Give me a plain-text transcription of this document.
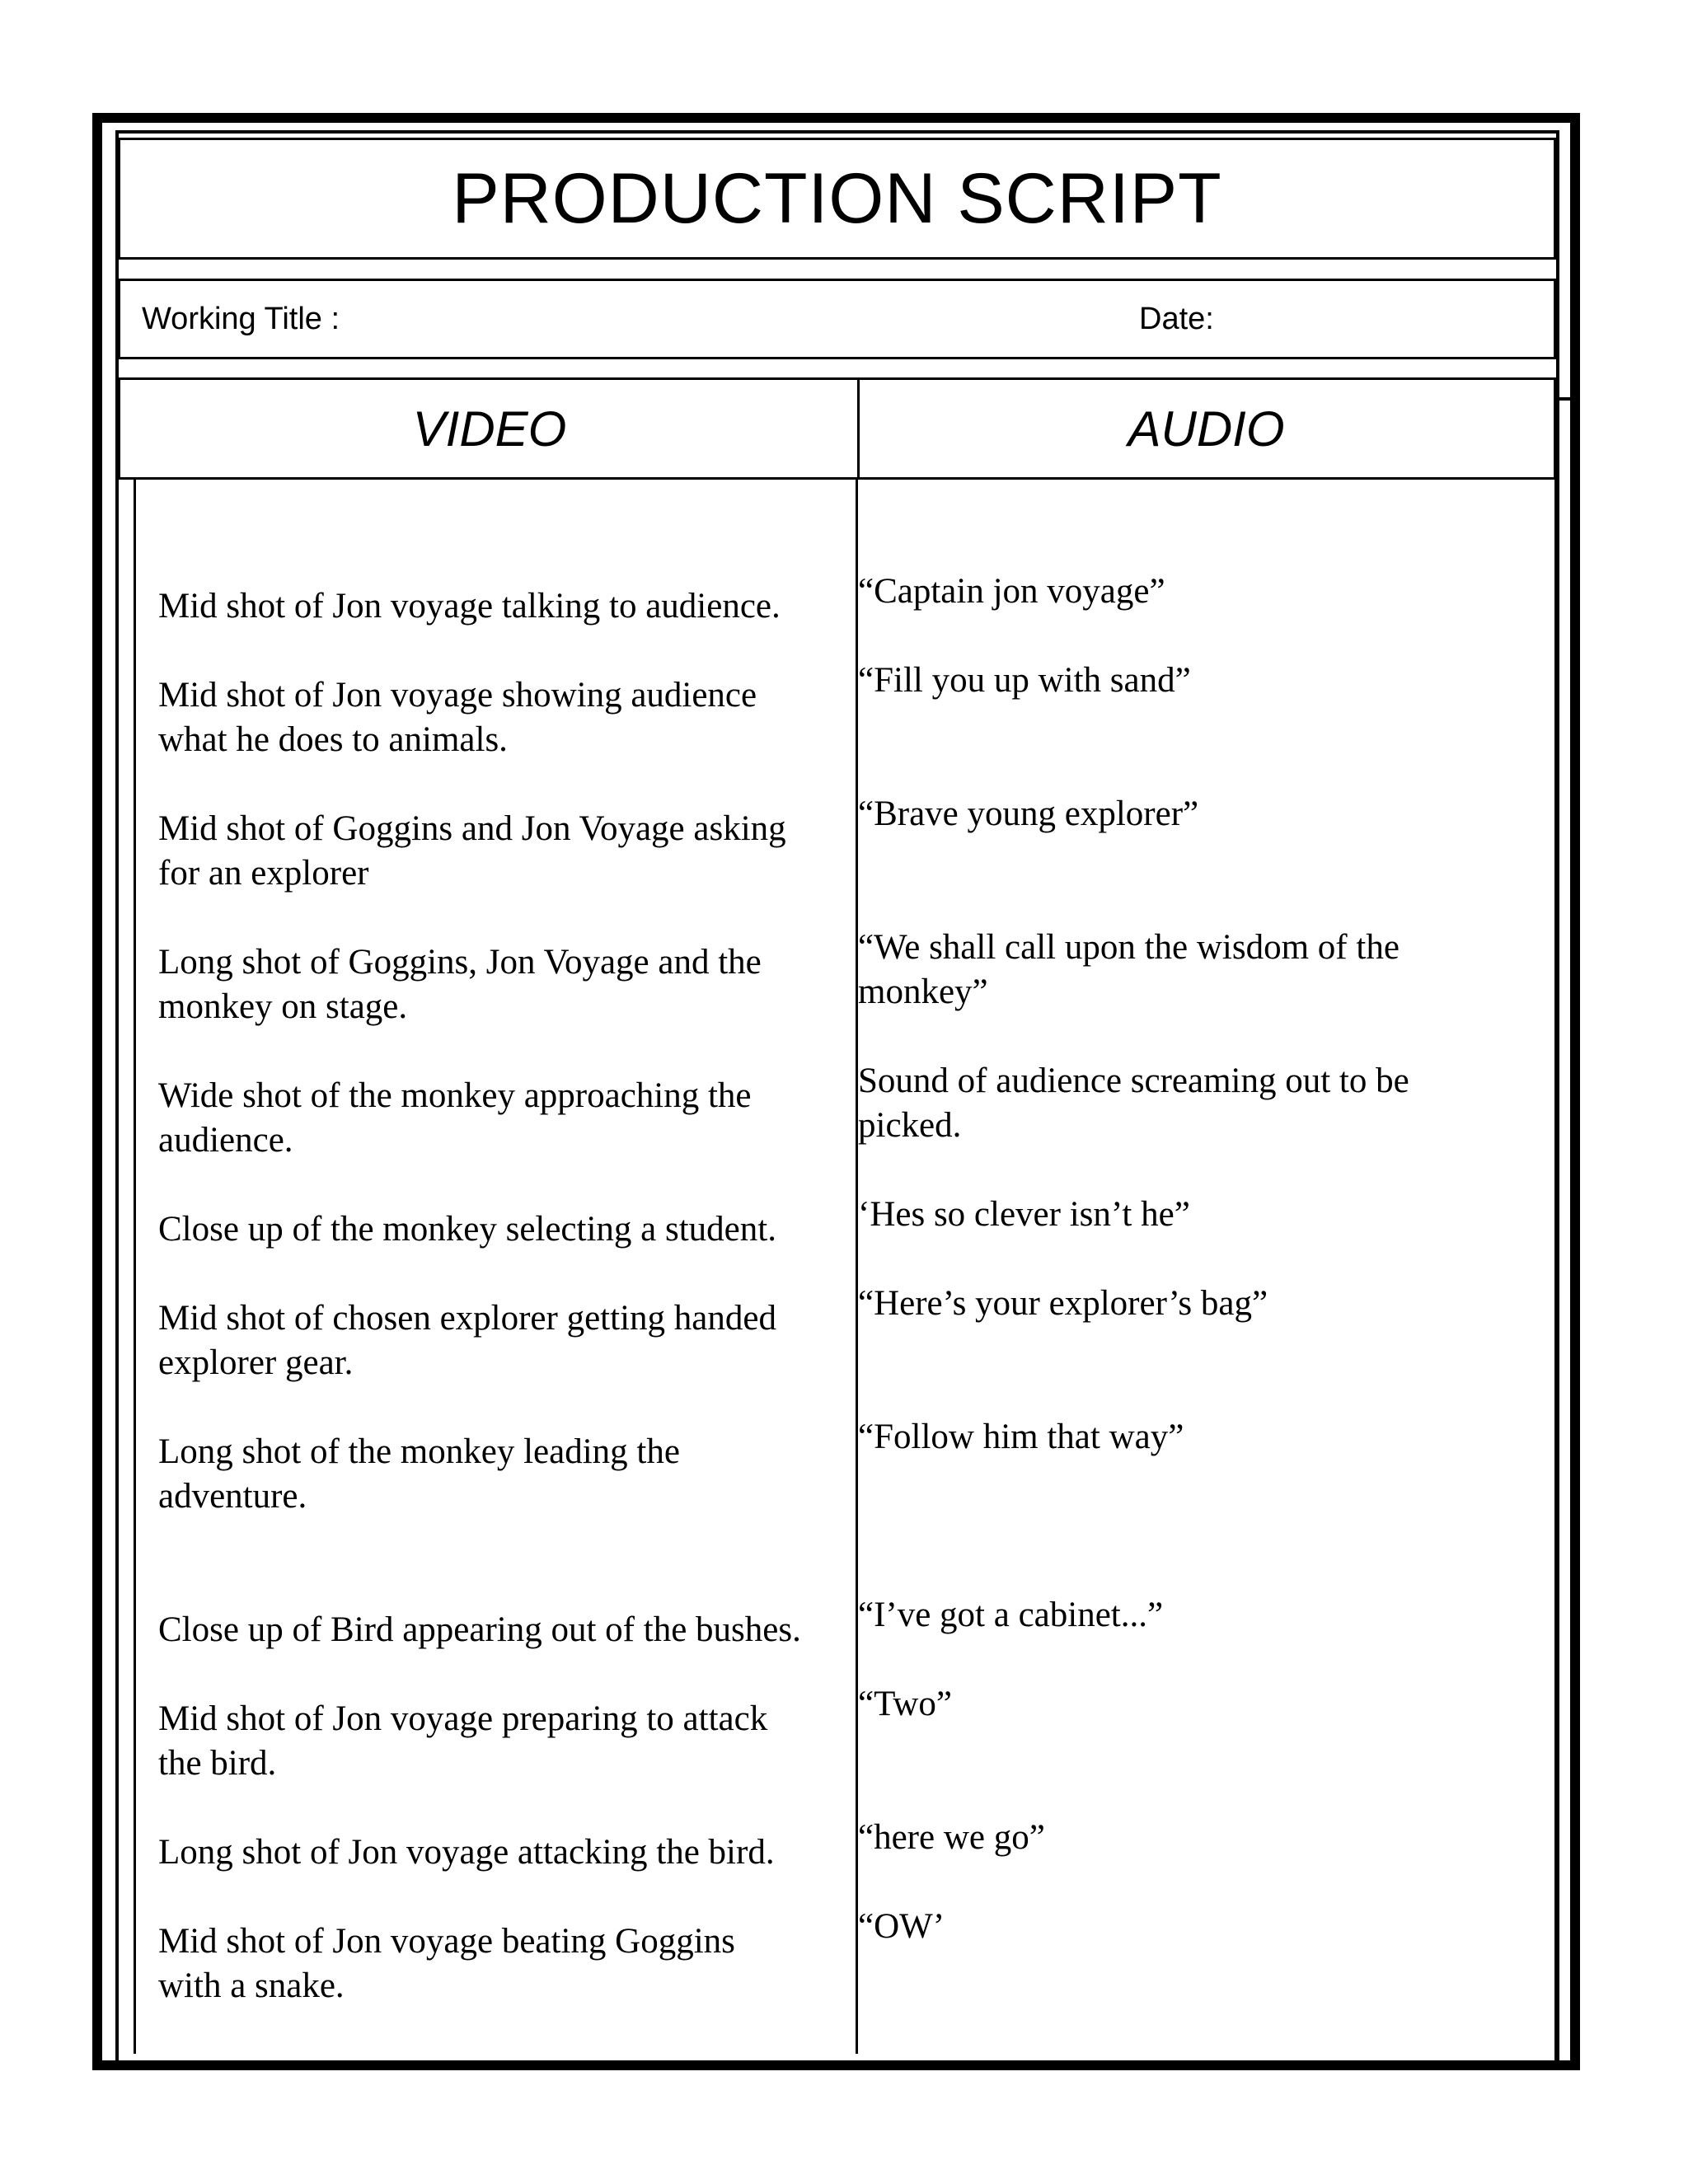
PRODUCTION SCRIPT
Working Title :	Date:
VIDEO	AUDIO
Mid shot of Jon voyage talking to audience.
Mid shot of Jon voyage showing audience
what he does to animals.
Mid shot of Goggins and Jon Voyage asking
for an explorer
Long shot of Goggins, Jon Voyage and the
monkey on stage.
Wide shot of the monkey approaching the
audience.
Close up of the monkey selecting a student.
Mid shot of chosen explorer getting handed
explorer gear.
Long shot of the monkey leading the
adventure.
Close up of Bird appearing out of the bushes.
Mid shot of Jon voyage preparing to attack
the bird.
Long shot of Jon voyage attacking the bird.
Mid shot of Jon voyage beating Goggins
with a snake.
“Captain jon voyage”
“Fill you up with sand”
“Brave young explorer”
“We shall call upon the wisdom of the
monkey”
Sound of audience screaming out to be
picked.
‘Hes so clever isn’t he”
“Here’s your explorer’s bag”
“Follow him that way”
“I’ve got a cabinet...”
“Two”
“here we go”
“OW’
